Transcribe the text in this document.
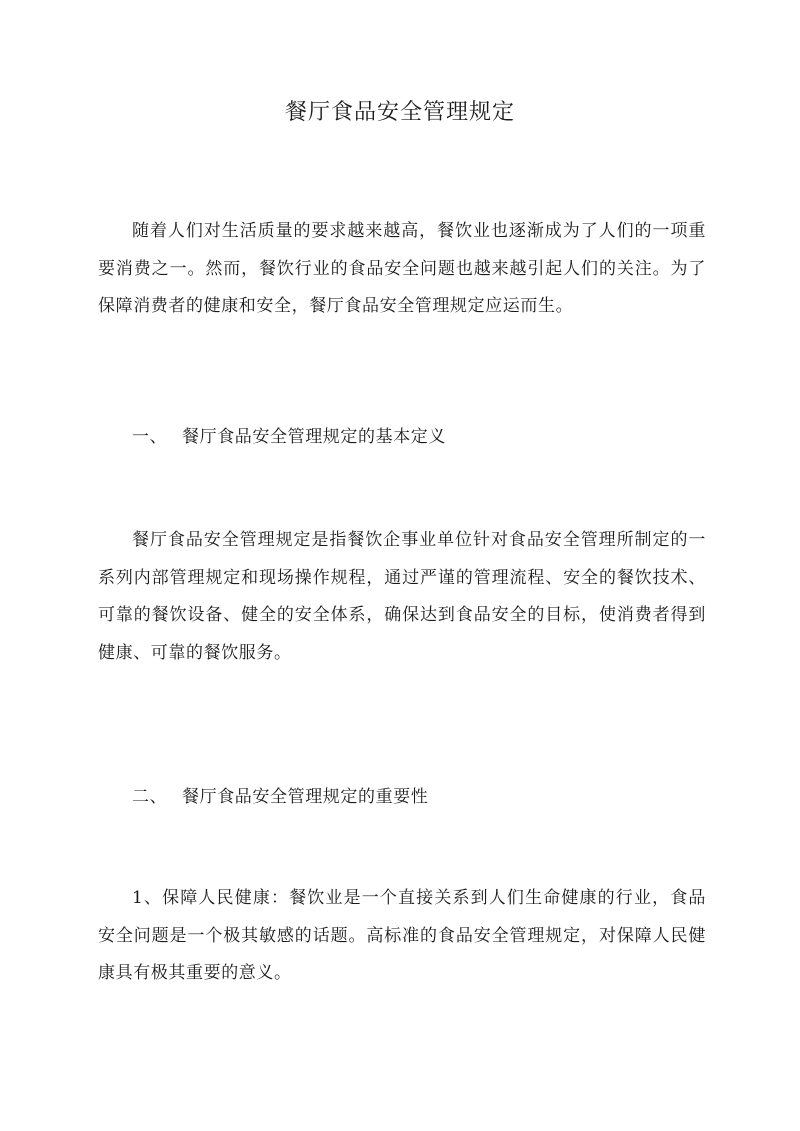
餐厅食品安全管理规定

随着人们对生活质量的要求越来越高，餐饮业也逐渐成为了人们的一项重要消费之一。然而，餐饮行业的食品安全问题也越来越引起人们的关注。为了保障消费者的健康和安全，餐厅食品安全管理规定应运而生。

一、 餐厅食品安全管理规定的基本定义

餐厅食品安全管理规定是指餐饮企事业单位针对食品安全管理所制定的一系列内部管理规定和现场操作规程，通过严谨的管理流程、安全的餐饮技术、可靠的餐饮设备、健全的安全体系，确保达到食品安全的目标，使消费者得到健康、可靠的餐饮服务。

二、 餐厅食品安全管理规定的重要性

1、保障人民健康：餐饮业是一个直接关系到人们生命健康的行业，食品安全问题是一个极其敏感的话题。高标准的食品安全管理规定，对保障人民健康具有极其重要的意义。
